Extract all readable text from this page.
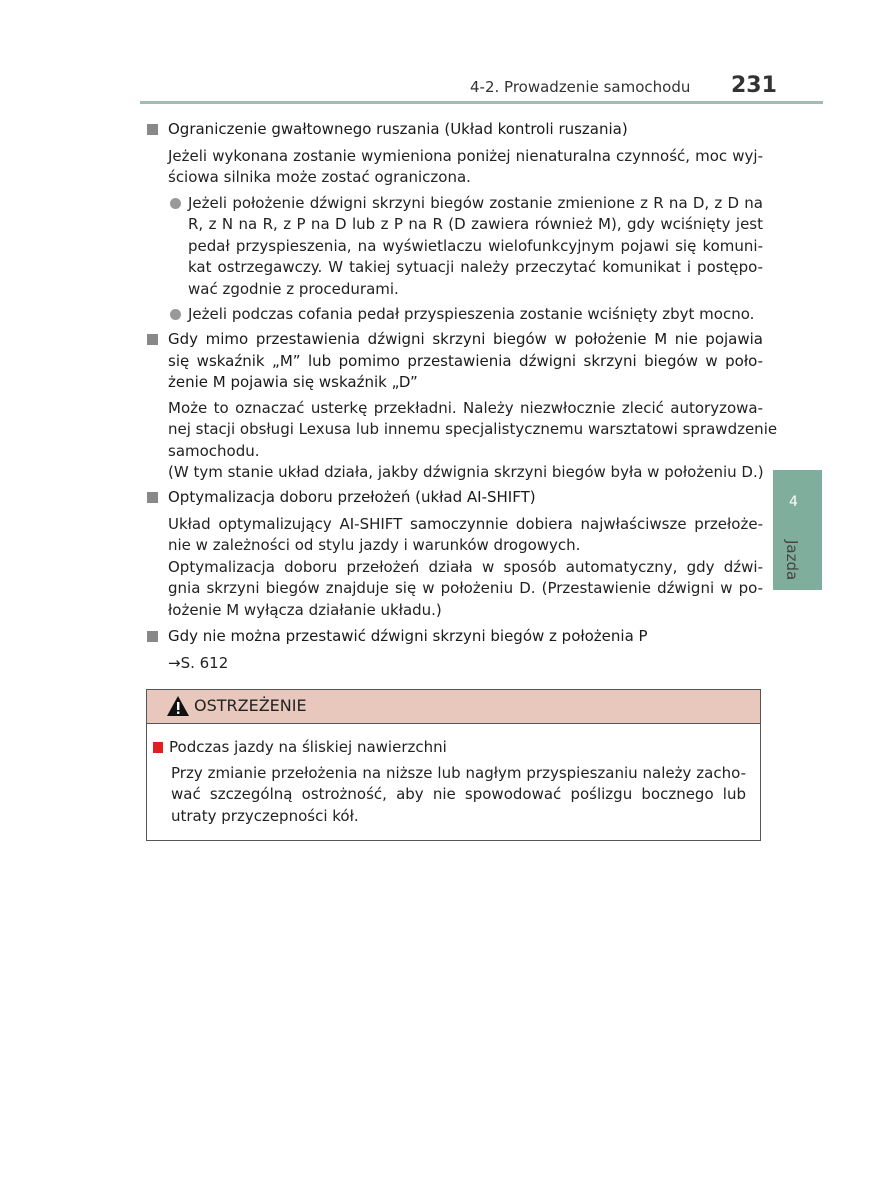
4-2. Prowadzenie samochodu 231
4
Jazda
Ograniczenie gwałtownego ruszania (Układ kontroli ruszania)
Jeżeli wykonana zostanie wymieniona poniżej nienaturalna czynność, moc wyj-
ściowa silnika może zostać ograniczona.
Jeżeli położenie dźwigni skrzyni biegów zostanie zmienione z R na D, z D na
R, z N na R, z P na D lub z P na R (D zawiera również M), gdy wciśnięty jest
pedał przyspieszenia, na wyświetlaczu wielofunkcyjnym pojawi się komuni-
kat ostrzegawczy. W takiej sytuacji należy przeczytać komunikat i postępo-
wać zgodnie z procedurami.
Jeżeli podczas cofania pedał przyspieszenia zostanie wciśnięty zbyt mocno.
Gdy mimo przestawienia dźwigni skrzyni biegów w położenie M nie pojawia
się wskaźnik „M” lub pomimo przestawienia dźwigni skrzyni biegów w poło-
żenie M pojawia się wskaźnik „D”
Może to oznaczać usterkę przekładni. Należy niezwłocznie zlecić autoryzowa-
nej stacji obsługi Lexusa lub innemu specjalistycznemu warsztatowi sprawdzenie
samochodu.
(W tym stanie układ działa, jakby dźwignia skrzyni biegów była w położeniu D.)
Optymalizacja doboru przełożeń (układ AI-SHIFT)
Układ optymalizujący AI-SHIFT samoczynnie dobiera najwłaściwsze przełoże-
nie w zależności od stylu jazdy i warunków drogowych.
Optymalizacja doboru przełożeń działa w sposób automatyczny, gdy dźwi-
gnia skrzyni biegów znajduje się w położeniu D. (Przestawienie dźwigni w po-
łożenie M wyłącza działanie układu.)
Gdy nie można przestawić dźwigni skrzyni biegów z położenia P
→S. 612
OSTRZEŻENIE
Podczas jazdy na śliskiej nawierzchni
Przy zmianie przełożenia na niższe lub nagłym przyspieszaniu należy zacho-
wać szczególną ostrożność, aby nie spowodować poślizgu bocznego lub
utraty przyczepności kół.
